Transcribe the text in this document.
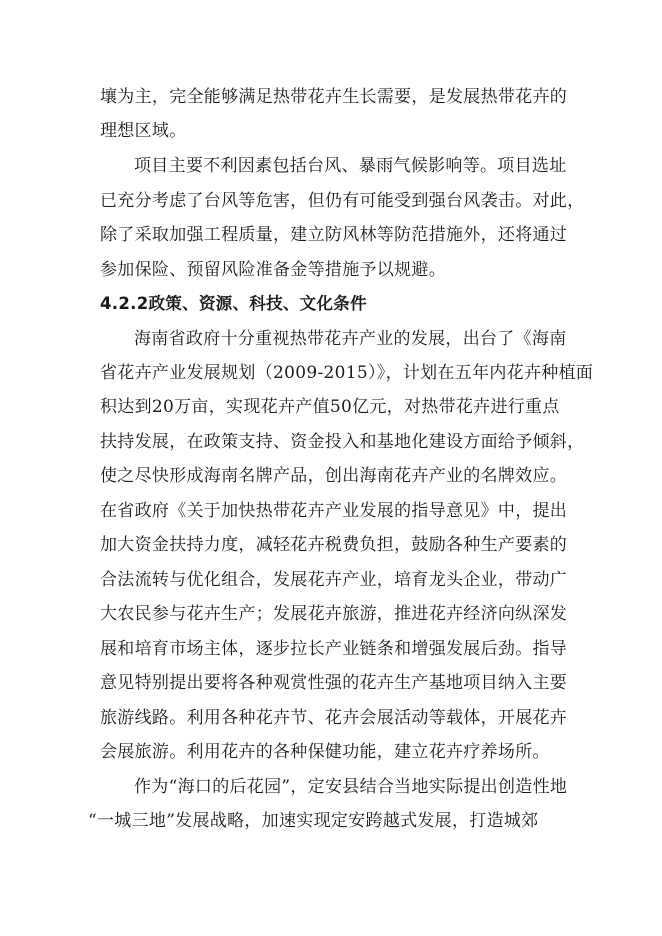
壤为主，完全能够满足热带花卉生长需要，是发展热带花卉的
理想区域。
项目主要不利因素包括台风、暴雨气候影响等。项目选址
已充分考虑了台风等危害，但仍有可能受到强台风袭击。对此，
除了采取加强工程质量，建立防风林等防范措施外，还将通过
参加保险、预留风险准备金等措施予以规避。
4.2.2政策、资源、科技、文化条件
海南省政府十分重视热带花卉产业的发展，出台了《海南
省花卉产业发展规划（2009-2015）》，计划在五年内花卉种植面
积达到20万亩，实现花卉产值50亿元，对热带花卉进行重点
扶持发展，在政策支持、资金投入和基地化建设方面给予倾斜，
使之尽快形成海南名牌产品，创出海南花卉产业的名牌效应。
在省政府《关于加快热带花卉产业发展的指导意见》中，提出
加大资金扶持力度，减轻花卉税费负担，鼓励各种生产要素的
合法流转与优化组合，发展花卉产业，培育龙头企业，带动广
大农民参与花卉生产；发展花卉旅游，推进花卉经济向纵深发
展和培育市场主体，逐步拉长产业链条和增强发展后劲。指导
意见特别提出要将各种观赏性强的花卉生产基地项目纳入主要
旅游线路。利用各种花卉节、花卉会展活动等载体，开展花卉
会展旅游。利用花卉的各种保健功能，建立花卉疗养场所。
作为“海口的后花园”，定安县结合当地实际提出创造性地
“一城三地”发展战略，加速实现定安跨越式发展，打造城郊
